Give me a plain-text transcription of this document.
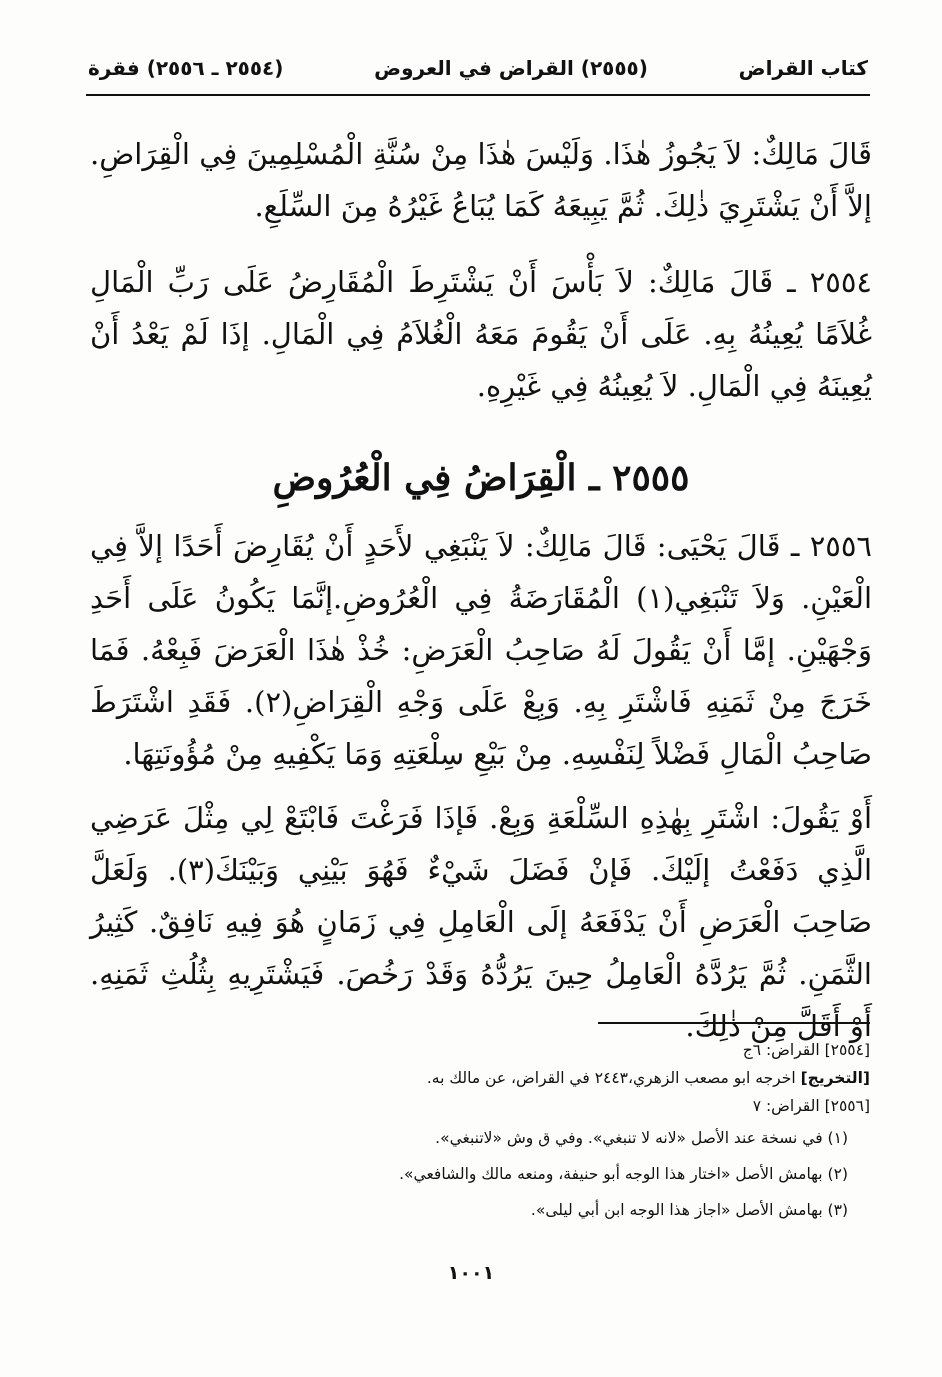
كتاب القراض
(٢٥٥٥) القراض في العروض
(٢٥٥٤ ـ ٢٥٥٦) فقرة

قَالَ مَالِكٌ: لاَ يَجُوزُ هٰذَا. وَلَيْسَ هٰذَا مِنْ سُنَّةِ الْمُسْلِمِينَ فِي الْقِرَاضِ. إلاَّ أَنْ يَشْتَرِيَ ذٰلِكَ. ثُمَّ يَبِيعَهُ كَمَا يُبَاعُ غَيْرُهُ مِنَ السِّلَعِ.

٢٥٥٤ ـ قَالَ مَالِكٌ: لاَ بَأْسَ أَنْ يَشْتَرِطَ الْمُقَارِضُ عَلَى رَبِّ الْمَالِ غُلاَمًا يُعِينُهُ بِهِ. عَلَى أَنْ يَقُومَ مَعَهُ الْغُلاَمُ فِي الْمَالِ. إذَا لَمْ يَعْدُ أَنْ يُعِينَهُ فِي الْمَالِ. لاَ يُعِينُهُ فِي غَيْرِهِ.

٢٥٥٥ ـ الْقِرَاضُ فِي الْعُرُوضِ

٢٥٥٦ ـ قَالَ يَحْيَى: قَالَ مَالِكٌ: لاَ يَنْبَغِي لأَحَدٍ أَنْ يُقَارِضَ أَحَدًا إلاَّ فِي الْعَيْنِ. وَلاَ تَنْبَغِي(١) الْمُقَارَضَةُ فِي الْعُرُوضِ.إنَّمَا يَكُونُ عَلَى أَحَدِ وَجْهَيْنِ. إمَّا أَنْ يَقُولَ لَهُ صَاحِبُ الْعَرَضِ: خُذْ هٰذَا الْعَرَضَ فَبِعْهُ. فَمَا خَرَجَ مِنْ ثَمَنِهِ فَاشْتَرِ بِهِ. وَبِعْ عَلَى وَجْهِ الْقِرَاضِ(٢). فَقَدِ اشْتَرَطَ صَاحِبُ الْمَالِ فَضْلاً لِنَفْسِهِ. مِنْ بَيْعِ سِلْعَتِهِ وَمَا يَكْفِيهِ مِنْ مُؤُونَتِهَا.

أَوْ يَقُولَ: اشْتَرِ بِهٰذِهِ السِّلْعَةِ وَبِعْ. فَإذَا فَرَغْتَ فَابْتَعْ لِي مِثْلَ عَرَضِي الَّذِي دَفَعْتُ إلَيْكَ. فَإنْ فَضَلَ شَيْءٌ فَهُوَ بَيْنِي وَبَيْنَكَ(٣). وَلَعَلَّ صَاحِبَ الْعَرَضِ أَنْ يَدْفَعَهُ إلَى الْعَامِلِ فِي زَمَانٍ هُوَ فِيهِ نَافِقٌ. كَثِيرُ الثَّمَنِ. ثُمَّ يَرُدَّهُ الْعَامِلُ حِينَ يَرُدُّهُ وَقَدْ رَخُصَ. فَيَشْتَرِيهِ بِثُلُثِ ثَمَنِهِ. أَوْ أَقَلَّ مِنْ ذٰلِكَ.

[٢٥٥٤] القراض: ٦ج

[التخريج] اخرجه ابو مصعب الزهري،٢٤٤٣ في القراض، عن مالك به.

[٢٥٥٦] القراض: ٧

(١) في نسخة عند الأصل «لانه لا تنبغي». وفي ق وش «لاتنبغي».

(٢) بهامش الأصل «اختار هذا الوجه أبو حنيفة، ومنعه مالك والشافعي».

(٣) بهامش الأصل «اجاز هذا الوجه ابن أبي ليلى».

١٠٠١
